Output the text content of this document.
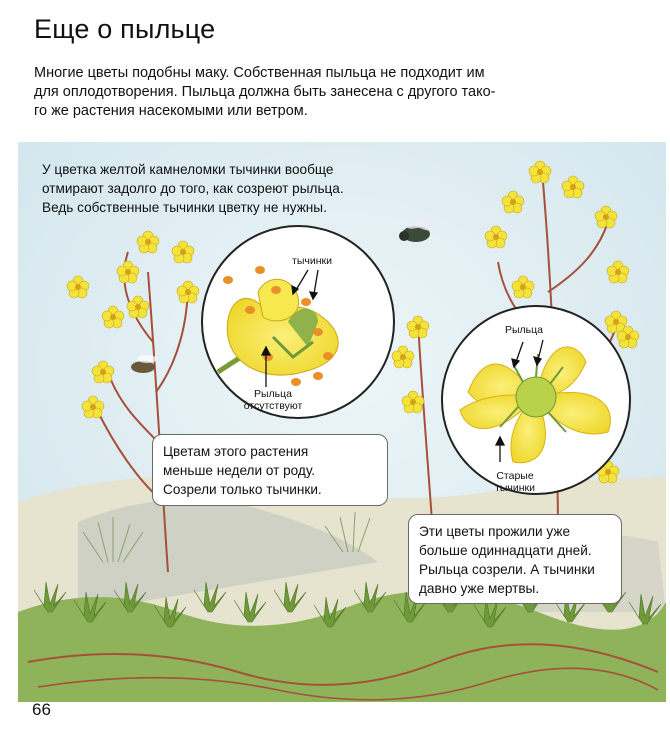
Еще о пыльце
Многие цветы подобны маку. Собственная пыльца не подходит им
для оплодотворения. Пыльца должна быть занесена с другого тако-
го же растения насекомыми или ветром.
У цветка желтой камнеломки тычинки вообще
отмирают задолго до того, как созреют рыльца.
Ведь собственные тычинки цветку не нужны.
тычинки
Рыльца
отсутствуют
Рыльца
Старые
тычинки

Цветам этого растения

меньше недели от роду.

Созрели только тычинки.

Эти цветы прожили уже

больше одиннадцати дней.

Рыльца созрели. А тычинки

давно уже мертвы.

66
